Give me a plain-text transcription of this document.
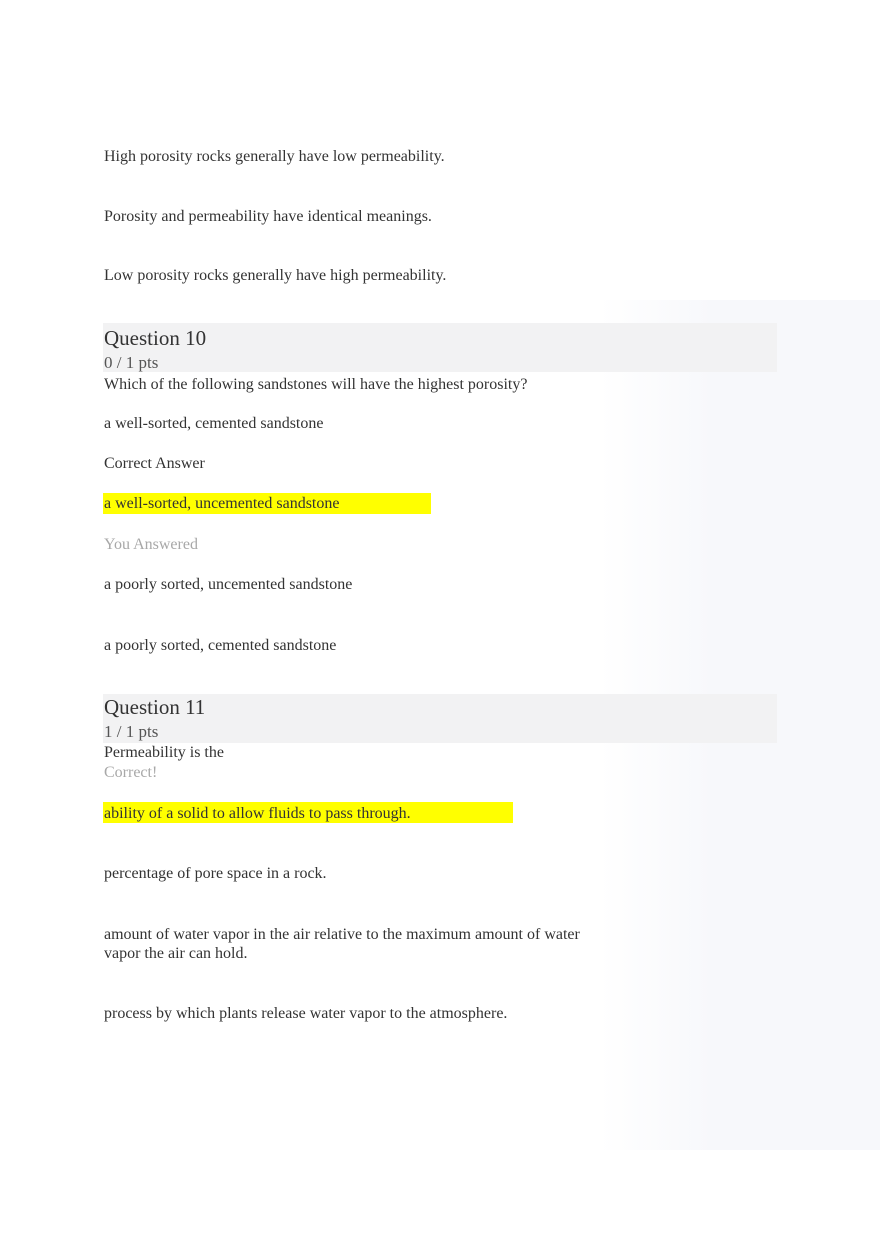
High porosity rocks generally have low permeability.
Porosity and permeability have identical meanings.
Low porosity rocks generally have high permeability.
Question 10
0 / 1 pts
Which of the following sandstones will have the highest porosity?
a well-sorted, cemented sandstone
Correct Answer
a well-sorted, uncemented sandstone
You Answered
a poorly sorted, uncemented sandstone
a poorly sorted, cemented sandstone
Question 11
1 / 1 pts
Permeability is the
Correct!
ability of a solid to allow fluids to pass through.
percentage of pore space in a rock.
amount of water vapor in the air relative to the maximum amount of water
vapor the air can hold.
process by which plants release water vapor to the atmosphere.
